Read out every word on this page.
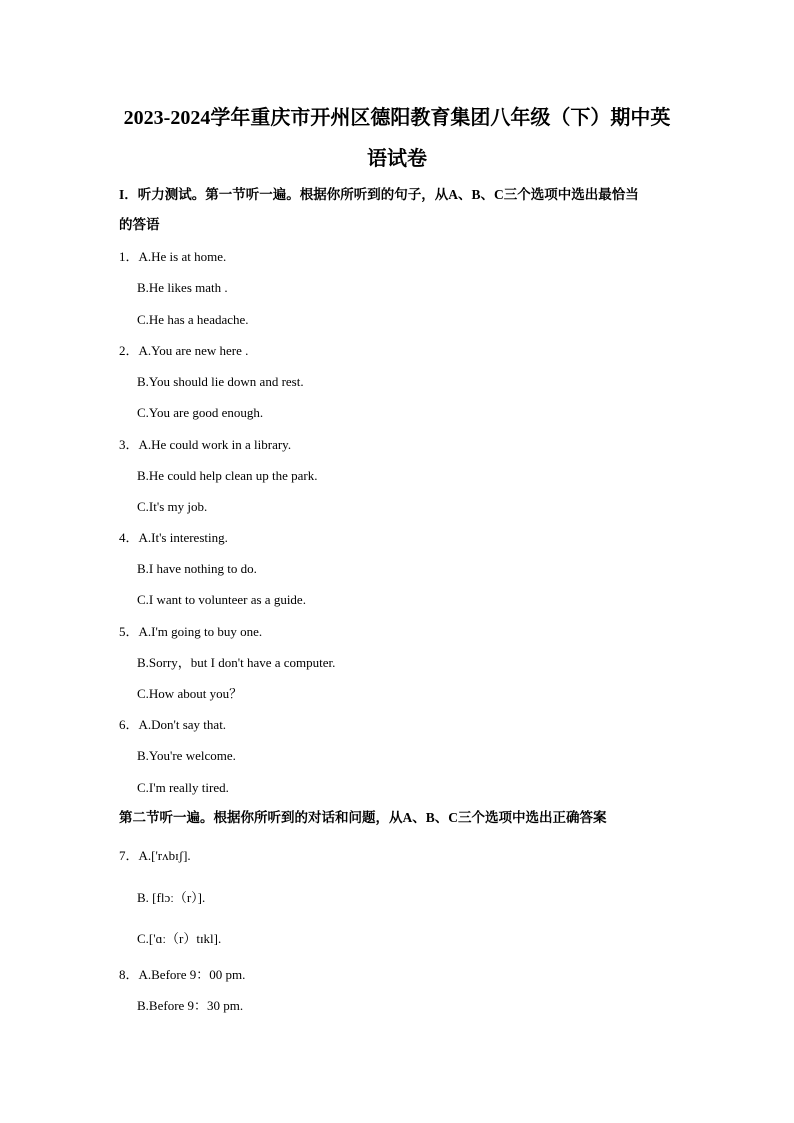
2023-2024学年重庆市开州区德阳教育集团八年级（下）期中英
语试卷
I．听力测试。第一节听一遍。根据你所听到的句子，从A、B、C三个选项中选出最恰当
的答语
1．A.He is at home.
B.He likes math .
C.He has a headache.
2．A.You are new here .
B.You should lie down and rest.
C.You are good enough.
3．A.He could work in a library.
B.He could help clean up the park.
C.It's my job.
4．A.It's interesting.
B.I have nothing to do.
C.I want to volunteer as a guide.
5．A.I'm going to buy one.
B.Sorry，but I don't have a computer.
C.How about you？
6．A.Don't say that.
B.You're welcome.
C.I'm really tired.
第二节听一遍。根据你所听到的对话和问题，从A、B、C三个选项中选出正确答案
7．A.['rʌbɪʃ].
B. [flɔː（r）].
C.['ɑː（r）tɪkl].
8．A.Before 9：00 pm.
B.Before 9：30 pm.
